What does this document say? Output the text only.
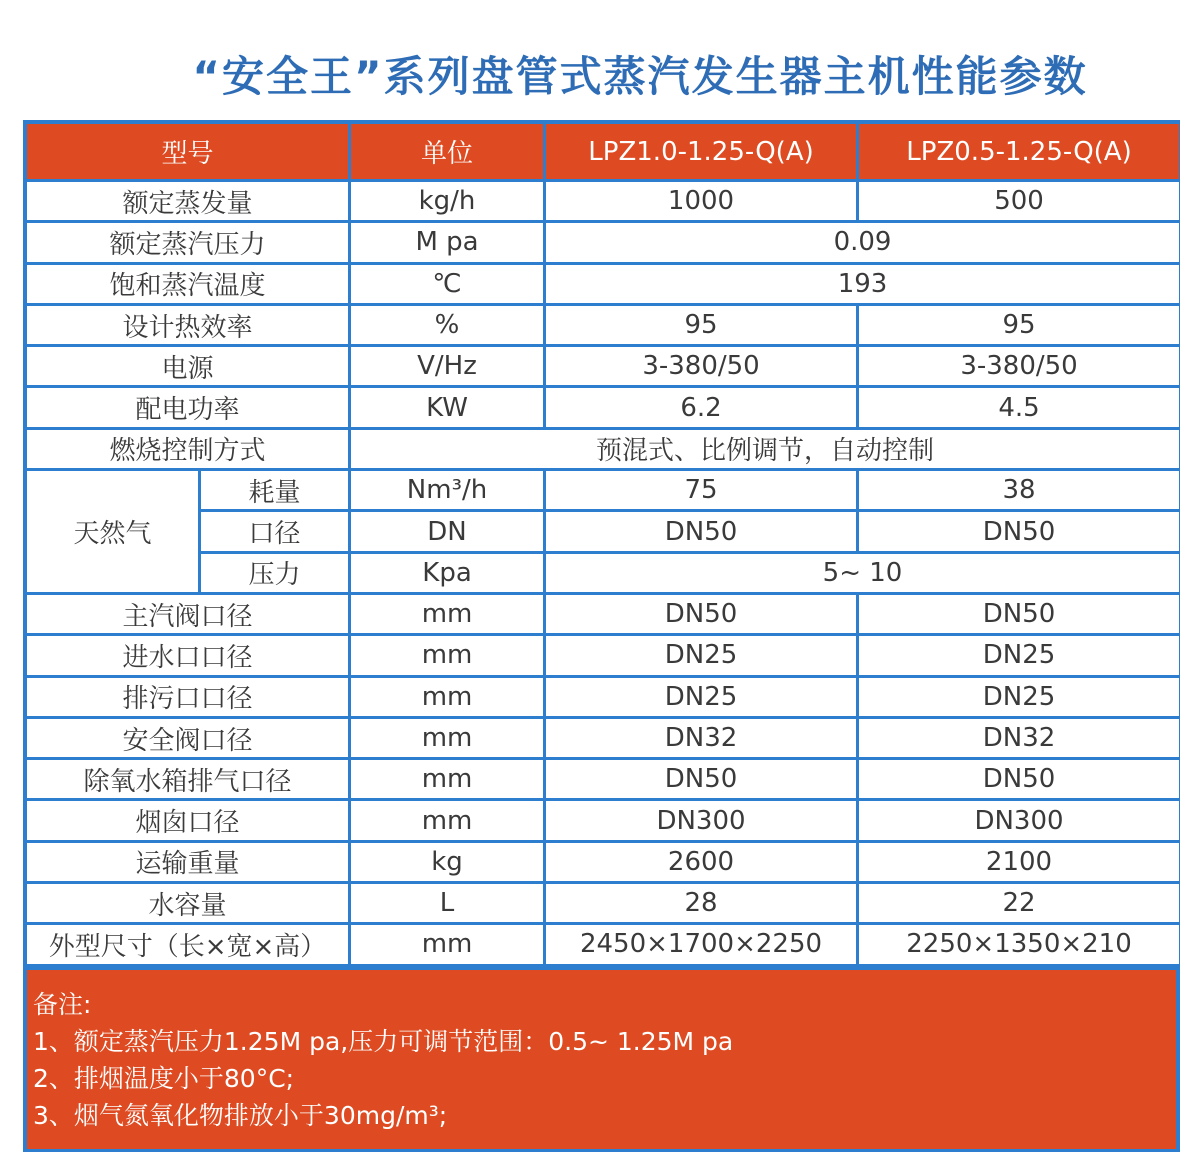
“安全王”系列盘管式蒸汽发生器主机性能参数
型号		单位	LPZ1.0-1.25-Q(A)	LPZ0.5-1.25-Q(A)
额定蒸发量		kg/h	1000	500
额定蒸汽压力		M pa	0.09	
饱和蒸汽温度		℃	193	
设计热效率		%	95	95
电源		V/Hz	3-380/50	3-380/50
配电功率		KW	6.2	4.5
燃烧控制方式		预混式、比例调节，自动控制		
天然气	耗量	Nm³/h	75	38
	口径	DN	DN50	DN50
	压力	Kpa	5~ 10	
主汽阀口径		mm	DN50	DN50
进水口口径		mm	DN25	DN25
排污口口径		mm	DN25	DN25
安全阀口径		mm	DN32	DN32
除氧水箱排气口径		mm	DN50	DN50
烟囱口径		mm	DN300	DN300
运输重量		kg	2600	2100
水容量		L	28	22
外型尺寸（长×宽×高）		mm	2450×1700×2250	2250×1350×210
备注:
1、额定蒸汽压力1.25M pa,压力可调节范围：0.5~ 1.25M pa
2、排烟温度小于80°C;
3、烟气氮氧化物排放小于30mg/m³;
